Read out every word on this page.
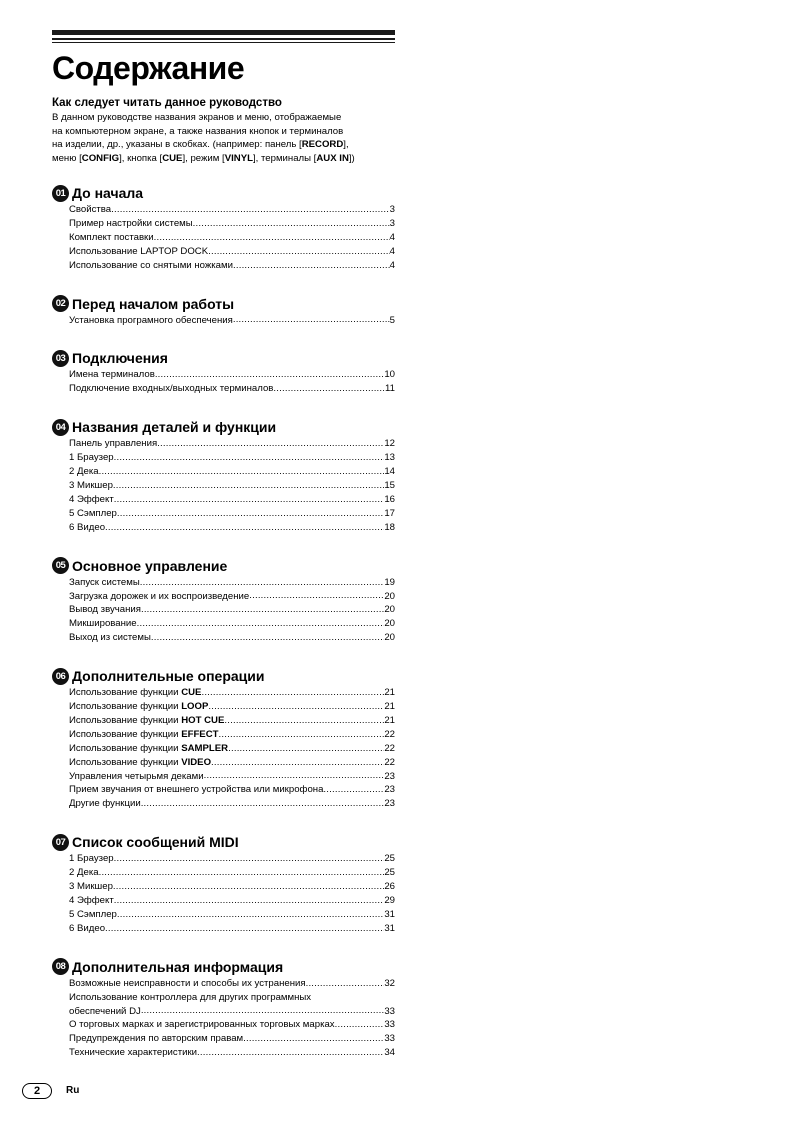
Содержание

Как следует читать данное руководство

В данном руководстве названия экранов и меню, отображаемые
на компьютерном экране, а также названия кнопок и терминалов
на изделии, др., указаны в скобках. (например: панель [RECORD],
меню [CONFIG], кнопка [CUE], режим [VINYL], терминалы [AUX IN])

01 До начала
Свойства .....	3
Пример настройки системы .....	3
Комплект поставки .....	4
Использование LAPTOP DOCK .....	4
Использование со снятыми ножками .....	4
02 Перед началом работы
Установка програмного обеспечения .....	5
03 Подключения
Имена терминалов .....	10
Подключение входных/выходных терминалов .....	11
04 Названия деталей и функции
Панель управления .....	12
1 Браузер .....	13
2 Дека .....	14
3 Микшер .....	15
4 Эффект .....	16
5 Сэмплер .....	17
6 Видео .....	18
05 Основное управление
Запуск системы .....	19
Загрузка дорожек и их воспроизведение .....	20
Вывод звучания .....	20
Микширование .....	20
Выход из системы .....	20
06 Дополнительные операции
Использование функции CUE .....	21
Использование функции LOOP .....	21
Использование функции HOT CUE .....	21
Использование функции EFFECT .....	22
Использование функции SAMPLER .....	22
Использование функции VIDEO .....	22
Управления четырьмя деками .....	23
Прием звучания от внешнего устройства или микрофона .....	23
Другие функции .....	23
07 Список сообщений MIDI
1 Браузер .....	25
2 Дека .....	25
3 Микшер .....	26
4 Эффект .....	29
5 Сэмплер .....	31
6 Видео .....	31
08 Дополнительная информация
Возможные неисправности и способы их устранения .....	32
Использование контроллера для других программных
обеспечений DJ .....	33
О торговых марках и зарегистрированных торговых марках .....	33
Предупреждения по авторским правам .....	33
Технические характеристики .....	34
2	Ru
